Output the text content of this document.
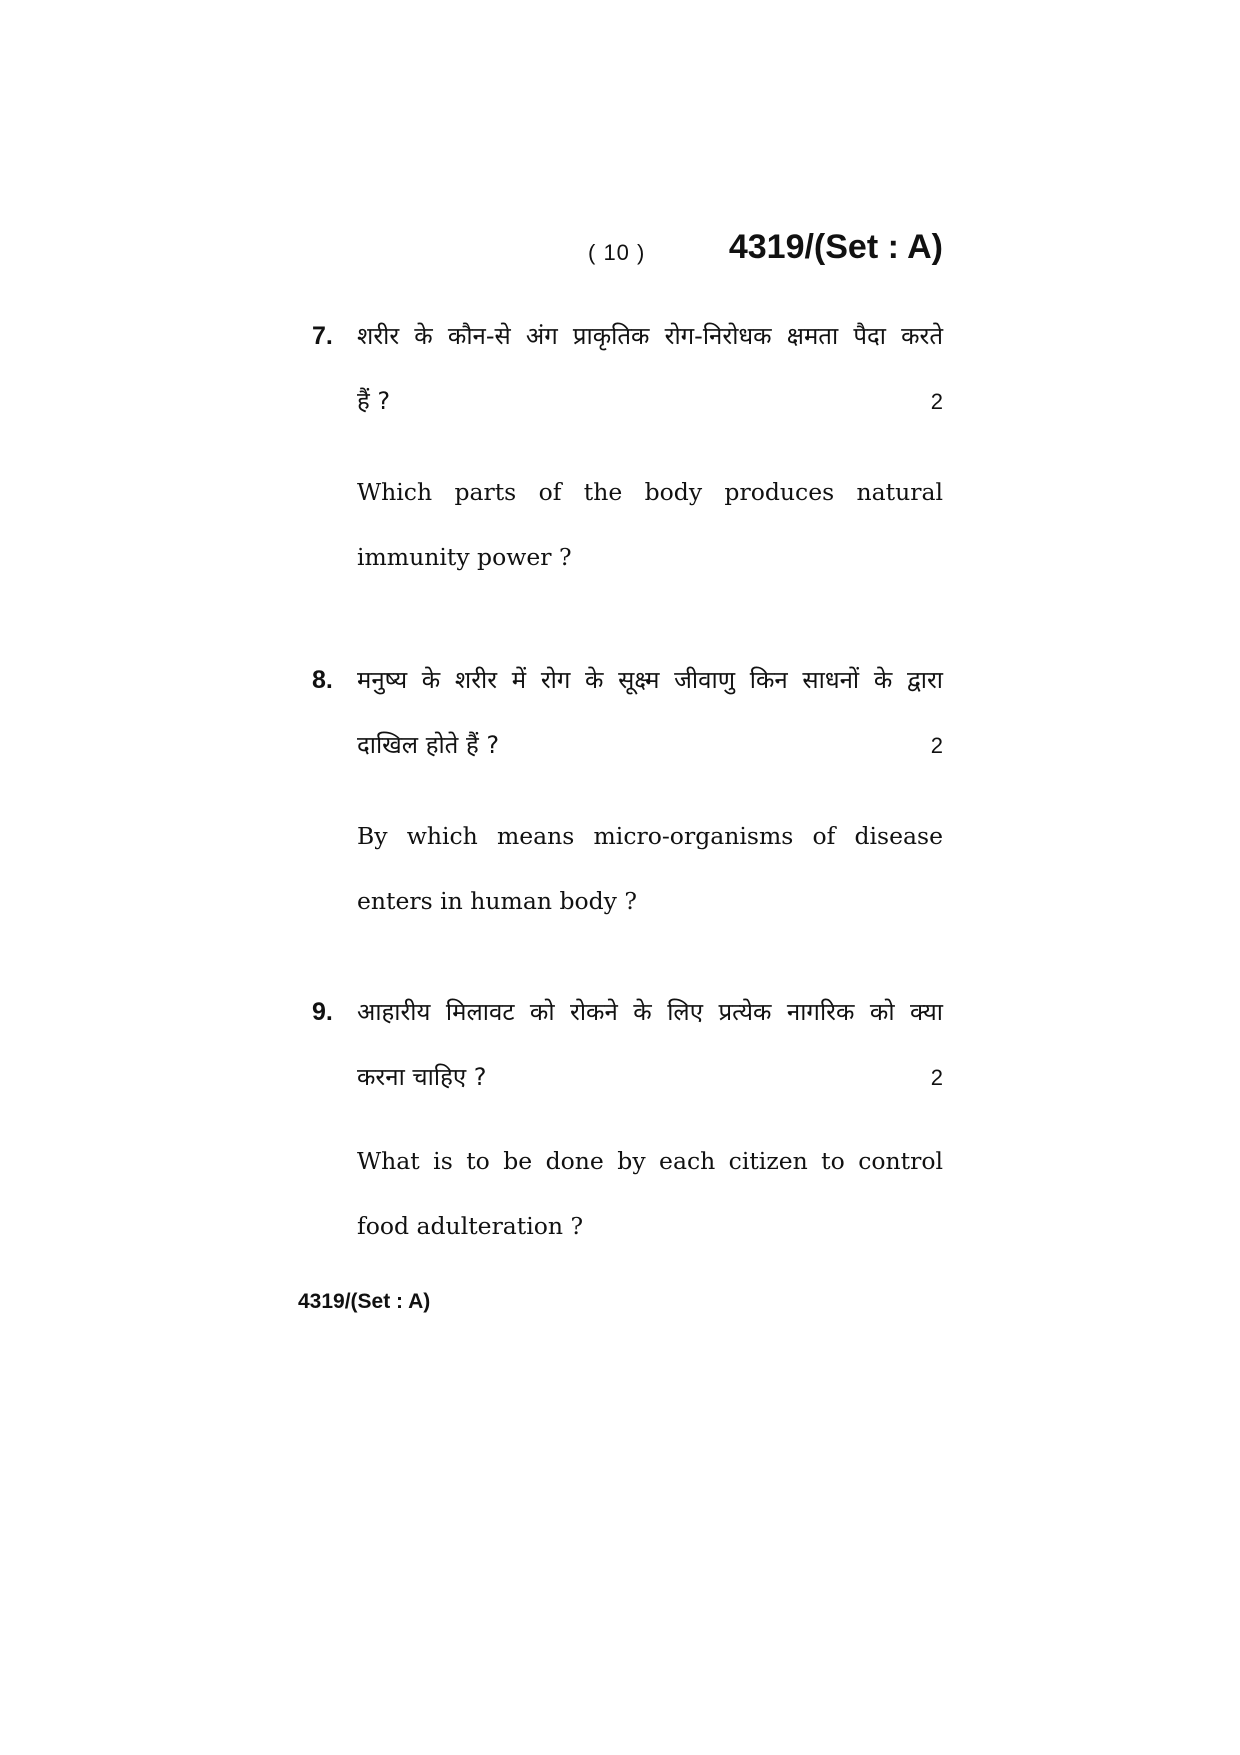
( 10 ) 4319/(Set : A)
7. शरीर के कौन-से अंग प्राकृतिक रोग-निरोधक क्षमता पैदा करते
हैं ?	2
Which parts of the body produces natural
immunity power ?
8. मनुष्य के शरीर में रोग के सूक्ष्म जीवाणु किन साधनों के द्वारा
दाखिल होते हैं ?	2
By which means micro-organisms of disease
enters in human body ?
9. आहारीय मिलावट को रोकने के लिए प्रत्येक नागरिक को क्या
करना चाहिए ?	2
What is to be done by each citizen to control
food adulteration ?
4319/(Set : A)
